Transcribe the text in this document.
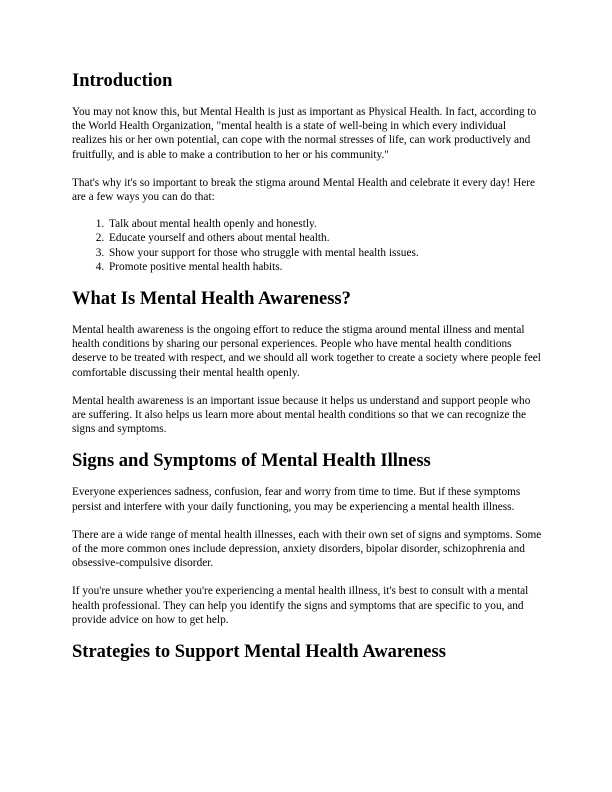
Introduction

You may not know this, but Mental Health is just as important as Physical Health. In fact, according to the World Health Organization, "mental health is a state of well-being in which every individual realizes his or her own potential, can cope with the normal stresses of life, can work productively and fruitfully, and is able to make a contribution to her or his community."

That's why it's so important to break the stigma around Mental Health and celebrate it every day! Here are a few ways you can do that:

1. Talk about mental health openly and honestly.
2. Educate yourself and others about mental health.
3. Show your support for those who struggle with mental health issues.
4. Promote positive mental health habits.
What Is Mental Health Awareness?

Mental health awareness is the ongoing effort to reduce the stigma around mental illness and mental health conditions by sharing our personal experiences. People who have mental health conditions deserve to be treated with respect, and we should all work together to create a society where people feel comfortable discussing their mental health openly.

Mental health awareness is an important issue because it helps us understand and support people who are suffering. It also helps us learn more about mental health conditions so that we can recognize the signs and symptoms.

Signs and Symptoms of Mental Health Illness

Everyone experiences sadness, confusion, fear and worry from time to time. But if these symptoms persist and interfere with your daily functioning, you may be experiencing a mental health illness.

There are a wide range of mental health illnesses, each with their own set of signs and symptoms. Some of the more common ones include depression, anxiety disorders, bipolar disorder, schizophrenia and obsessive-compulsive disorder.

If you're unsure whether you're experiencing a mental health illness, it's best to consult with a mental health professional. They can help you identify the signs and symptoms that are specific to you, and provide advice on how to get help.

Strategies to Support Mental Health Awareness
